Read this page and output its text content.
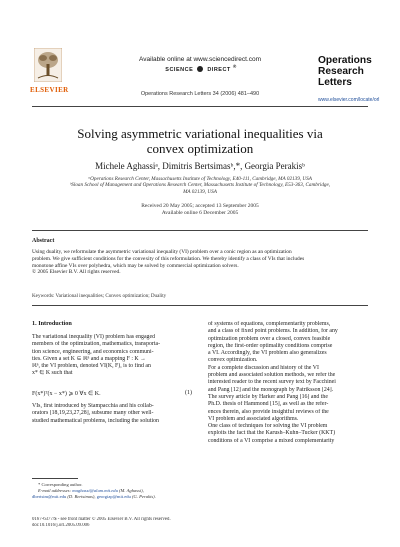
Available online at www.sciencedirect.com
SCIENCE	DIRECT ®
Operations Research Letters 34 (2006) 481–490
ELSEVIER
Operations
Research
Letters
www.elsevier.com/locate/orl
Solving asymmetric variational inequalities via
convex optimization
Michele Aghassiᵃ, Dimitris Bertsimasᵇ,*, Georgia Perakisᵇ
ᵃOperations Research Center, Massachusetts Institute of Technology, E40-111, Cambridge, MA 02139, USA
ᵇSloan School of Management and Operations Research Center, Massachusetts Institute of Technology, E53-363, Cambridge,
MA 02139, USA
Received 20 May 2005; accepted 13 September 2005
Available online 6 December 2005
Abstract
Using duality, we reformulate the asymmetric variational inequality (VI) problem over a conic region as an optimization
problem. We give sufficient conditions for the convexity of this reformulation. We thereby identify a class of VIs that includes
monotone affine VIs over polyhedra, which may be solved by commercial optimization solvers.
© 2005 Elsevier B.V. All rights reserved.
Keywords: Variational inequalities; Convex optimization; Duality
1. Introduction
The variational inequality (VI) problem has engaged
members of the optimization, mathematics, transporta-
tion science, engineering, and economics communi-
ties. Given a set K ⊆ ℝⁿ and a mapping F : K →
ℝⁿ, the VI problem, denoted VI(K, F), is to find an
x* ∈ K such that
F(x*)ᵀ(x − x*) ⩾ 0 ∀x ∈ K.	(1)
VIs, first introduced by Stampacchia and his collab-
orators [18,19,23,27,28], subsume many other well-
studied mathematical problems, including the solution
of systems of equations, complementarity problems,
and a class of fixed point problems. In addition, for any
optimization problem over a closed, convex feasible
region, the first-order optimality conditions comprise
a VI. Accordingly, the VI problem also generalizes
convex optimization.
For a complete discussion and history of the VI
problem and associated solution methods, we refer the
interested reader to the recent survey text by Facchinei
and Pang [12] and the monograph by Patriksson [24].
The survey article by Harker and Pang [16] and the
Ph.D. thesis of Hammond [15], as well as the refer-
ences therein, also provide insightful reviews of the
VI problem and associated algorithms.
One class of techniques for solving the VI problem
exploits the fact that the Karush–Kuhn–Tucker (KKT)
conditions of a VI comprise a mixed complementarity
* Corresponding author.
E-mail addresses: maghassi@alum.mit.edu (M. Aghassi),
dbertsim@mit.edu (D. Bertsimas), georgiap@mit.edu (G. Perakis).
0167-6377/$ - see front matter © 2005 Elsevier B.V. All rights reserved.
doi:10.1016/j.orl.2005.09.006
